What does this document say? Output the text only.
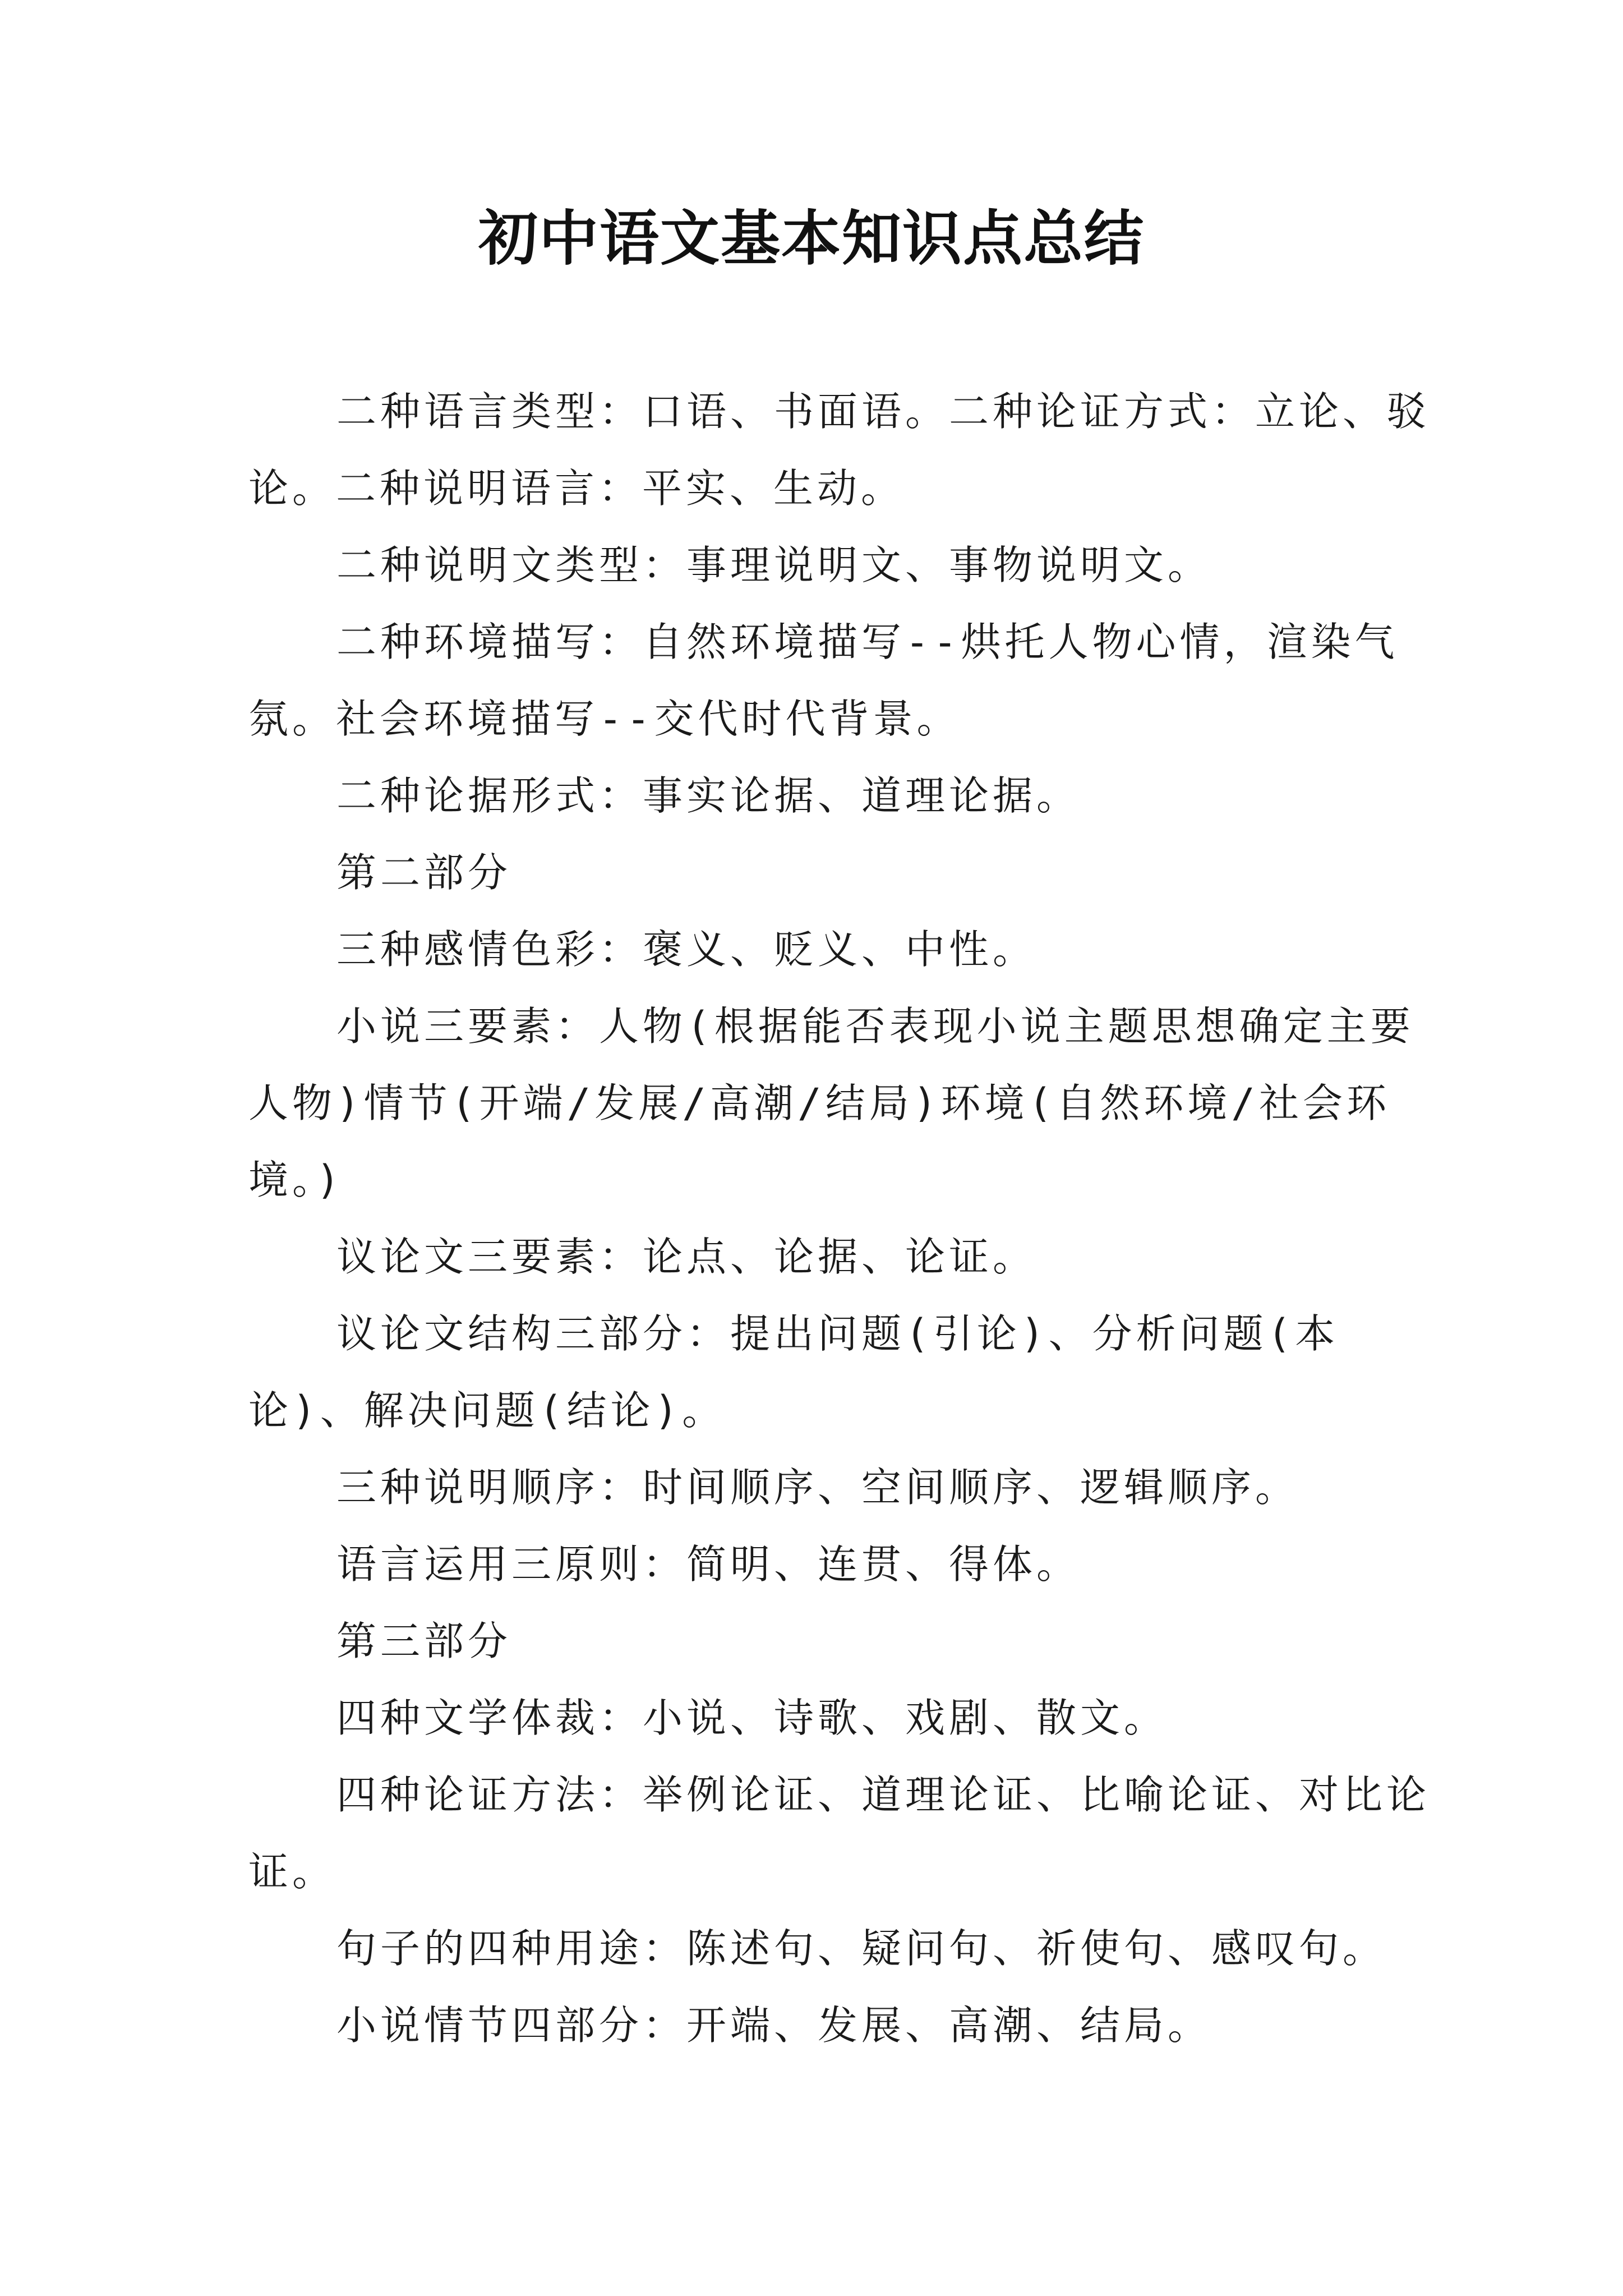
初中语文基本知识点总结

二种语言类型：口语、书面语。二种论证方式：立论、驳论。二种说明语言：平实、生动。

二种说明文类型：事理说明文、事物说明文。

二种环境描写：自然环境描写--烘托人物心情，渲染气氛。社会环境描写--交代时代背景。

二种论据形式：事实论据、道理论据。

第二部分

三种感情色彩：褒义、贬义、中性。

小说三要素：人物(根据能否表现小说主题思想确定主要人物)情节(开端/发展/高潮/结局)环境(自然环境/社会环境。)

议论文三要素：论点、论据、论证。

议论文结构三部分：提出问题(引论)、分析问题(本论)、解决问题(结论)。

三种说明顺序：时间顺序、空间顺序、逻辑顺序。

语言运用三原则：简明、连贯、得体。

第三部分

四种文学体裁：小说、诗歌、戏剧、散文。

四种论证方法：举例论证、道理论证、比喻论证、对比论证。

句子的四种用途：陈述句、疑问句、祈使句、感叹句。

小说情节四部分：开端、发展、高潮、结局。
